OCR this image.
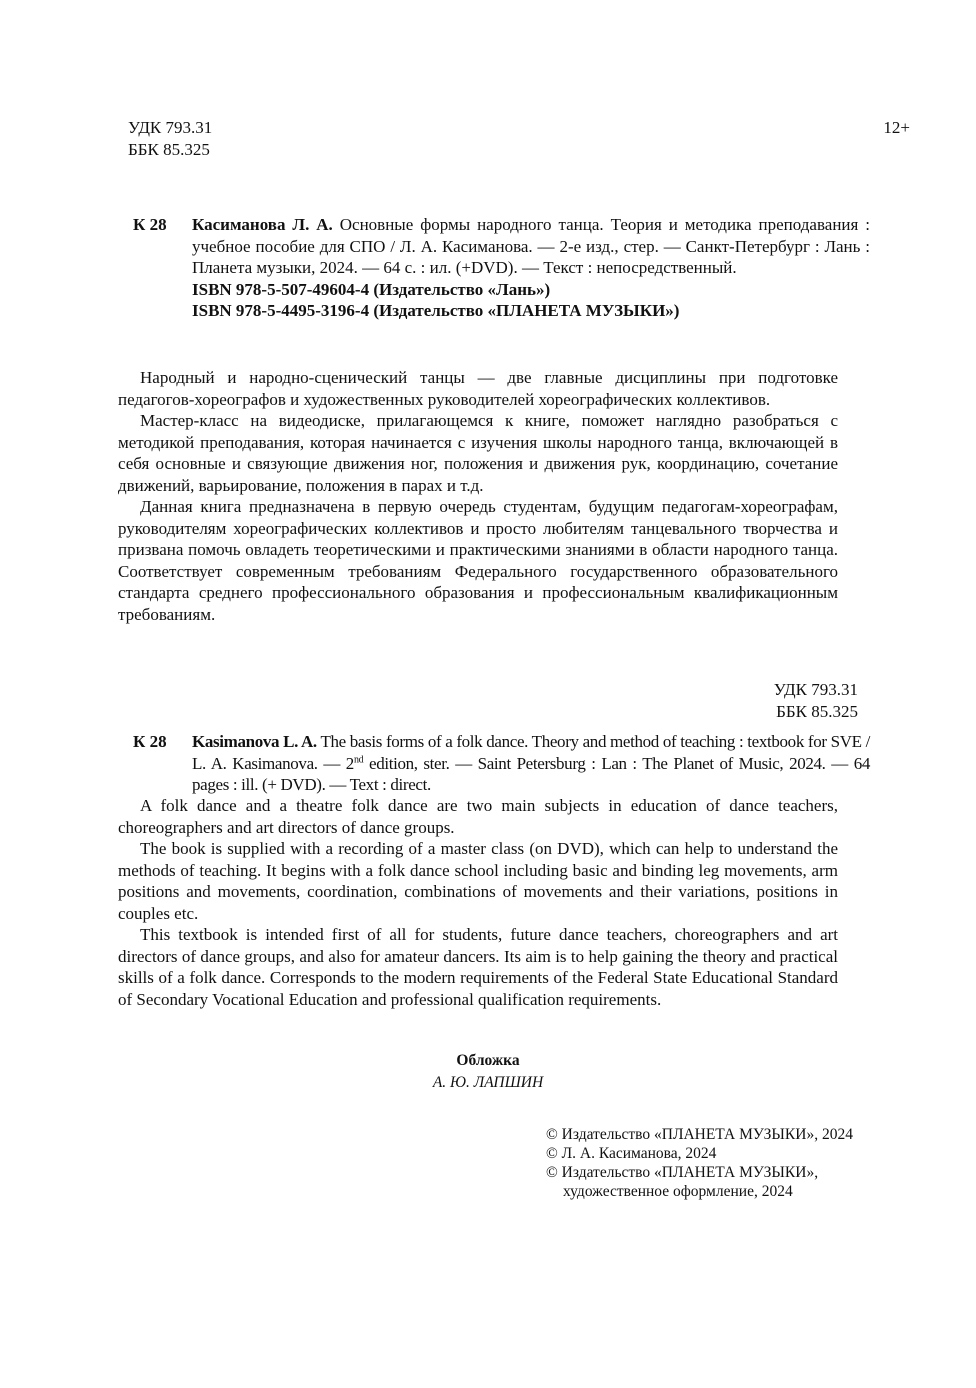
УДК 793.31
ББК 85.325
12+
К 28	Касиманова Л. А. Основные формы народного танца. Теория и методика преподавания : учебное пособие для СПО / Л. А. Касиманова. — 2-е изд., стер. — Санкт-Петербург : Лань : Планета музыки, 2024. — 64 с. : ил. (+DVD). — Текст : непосредственный.
ISBN 978-5-507-49604-4 (Издательство «Лань»)
ISBN 978-5-4495-3196-4 (Издательство «ПЛАНЕТА МУЗЫКИ»)

Народный и народно-сценический танцы — две главные дисциплины при подготовке педагогов-хореографов и художественных руководителей хореографических коллективов.

Мастер-класс на видеодиске, прилагающемся к книге, поможет наглядно разобраться с методикой преподавания, которая начинается с изучения школы народного танца, включающей в себя основные и связующие движения ног, положения и движения рук, координацию, сочетание движений, варьирование, положения в парах и т.д.

Данная книга предназначена в первую очередь студентам, будущим педагогам-хореографам, руководителям хореографических коллективов и просто любителям танцевального творчества и призвана помочь овладеть теоретическими и практическими знаниями в области народного танца. Соответствует современным требованиям Федерального государственного образовательного стандарта среднего профессионального образования и профессиональным квалификационным требованиям.

УДК 793.31
ББК 85.325
К 28	Kasimanova L. A. The basis forms of a folk dance. Theory and method of teaching : textbook for SVE / L. A. Kasimanova. — 2nd edition, ster. — Saint Petersburg : Lan : The Planet of Music, 2024. — 64 pages : ill. (+ DVD). — Text : direct.

A folk dance and a theatre folk dance are two main subjects in education of dance teachers, choreographers and art directors of dance groups.

The book is supplied with a recording of a master class (on DVD), which can help to understand the methods of teaching. It begins with a folk dance school including basic and binding leg movements, arm positions and movements, coordination, combinations of movements and their variations, positions in couples etc.

This textbook is intended first of all for students, future dance teachers, choreographers and art directors of dance groups, and also for amateur dancers. Its aim is to help gaining the theory and practical skills of a folk dance. Corresponds to the modern requirements of the Federal State Educational Standard of Secondary Vocational Education and professional qualification requirements.

Обложка
А. Ю. ЛАПШИН
© Издательство «ПЛАНЕТА МУЗЫКИ», 2024
© Л. А. Касиманова, 2024
© Издательство «ПЛАНЕТА МУЗЫКИ»,
художественное оформление, 2024
